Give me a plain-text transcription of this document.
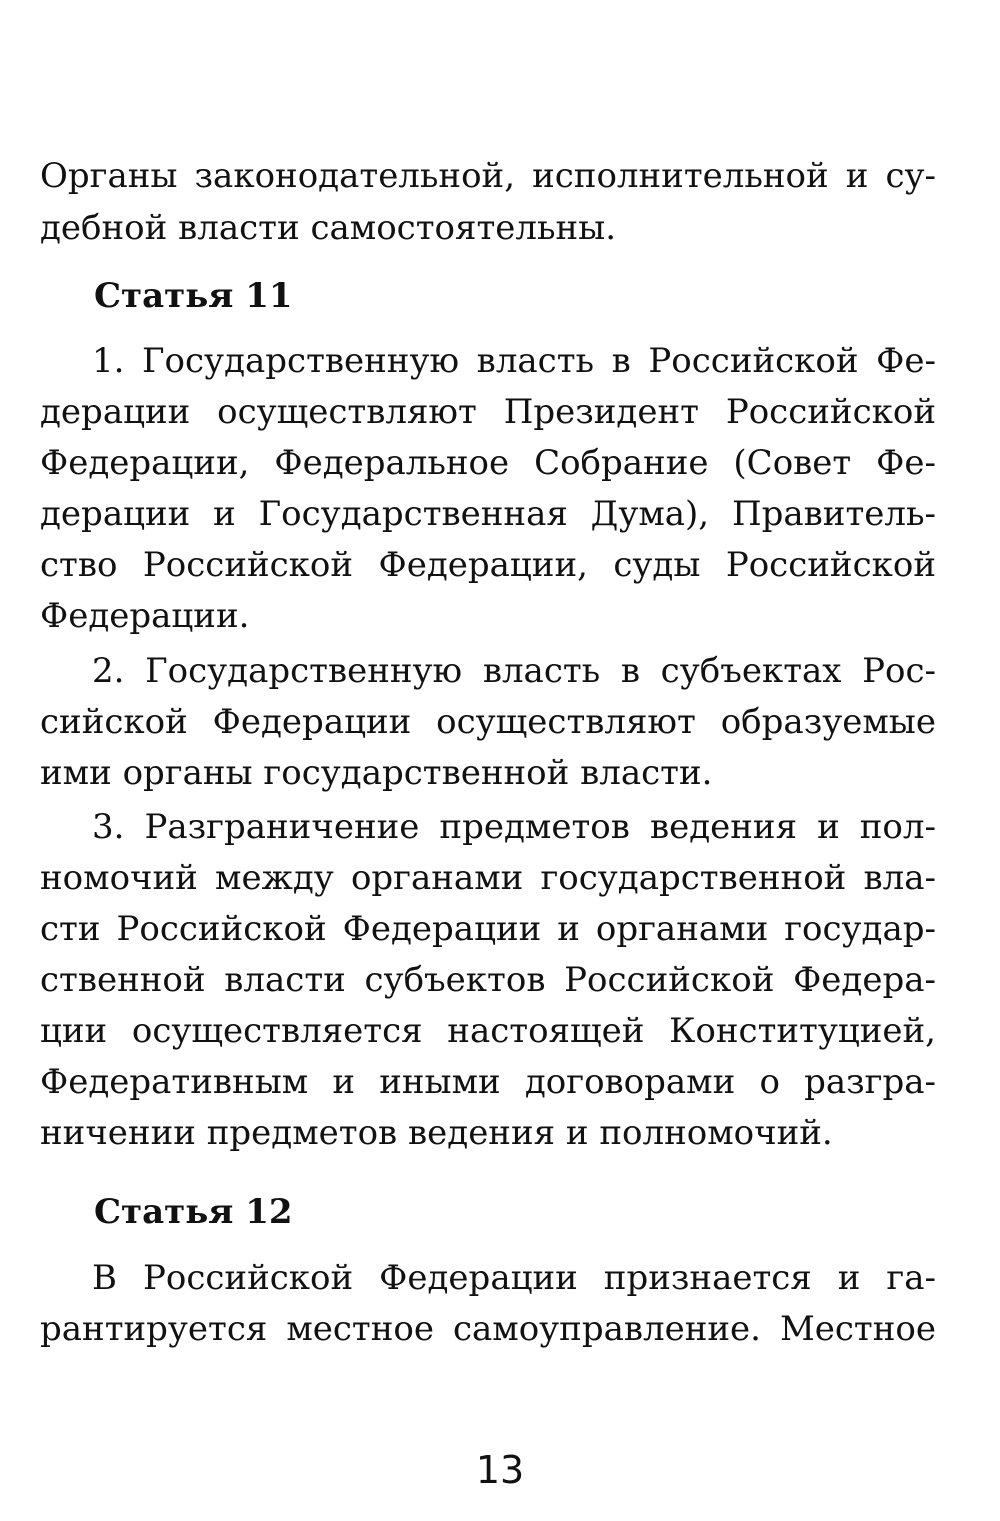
Органы законодательной, исполнительной и су-
дебной власти самостоятельны.
Статья 11
1. Государственную власть в Российской Фе-
дерации осуществляют Президент Российской
Федерации, Федеральное Собрание (Совет Фе-
дерации и Государственная Дума), Правитель-
ство Российской Федерации, суды Российской
Федерации.
2. Государственную власть в субъектах Рос-
сийской Федерации осуществляют образуемые
ими органы государственной власти.
3. Разграничение предметов ведения и пол-
номочий между органами государственной вла-
сти Российской Федерации и органами государ-
ственной власти субъектов Российской Федера-
ции осуществляется настоящей Конституцией,
Федеративным и иными договорами о разгра-
ничении предметов ведения и полномочий.
Статья 12
В Российской Федерации признается и га-
рантируется местное самоуправление. Местное
13
